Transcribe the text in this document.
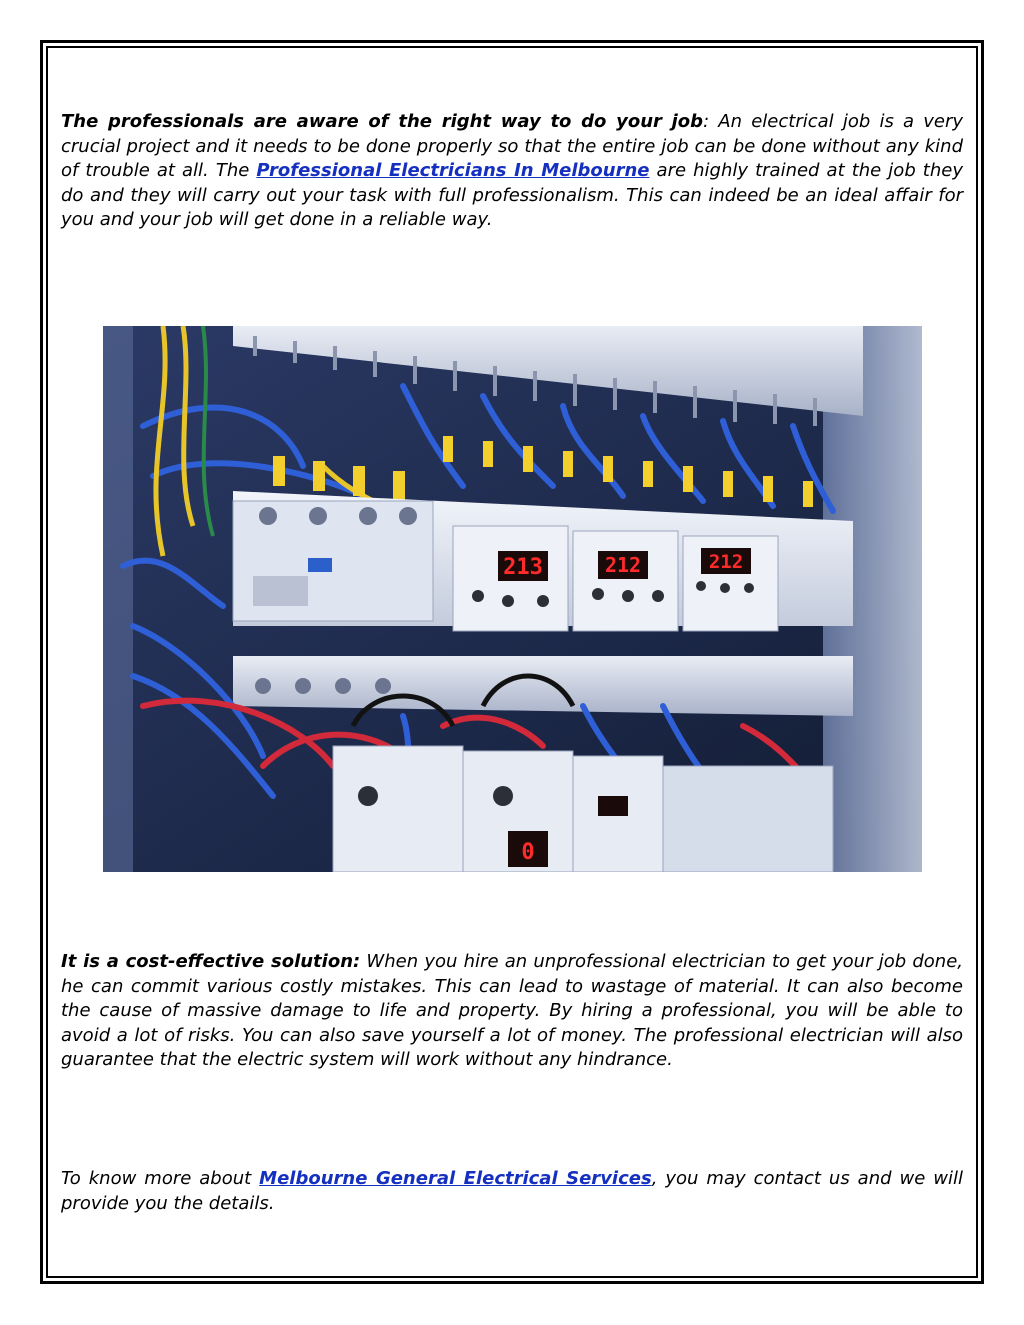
The professionals are aware of the right way to do your job: An electrical job is a very crucial project and it needs to be done properly so that the entire job can be done without any kind of trouble at all. The Professional Electricians In Melbourne are highly trained at the job they do and they will carry out your task with full professionalism. This can indeed be an ideal affair for you and your job will get done in a reliable way.

213	212	212
0

It is a cost-effective solution: When you hire an unprofessional electrician to get your job done, he can commit various costly mistakes. This can lead to wastage of material. It can also become the cause of massive damage to life and property. By hiring a professional, you will be able to avoid a lot of risks. You can also save yourself a lot of money. The professional electrician will also guarantee that the electric system will work without any hindrance.

To know more about Melbourne General Electrical Services, you may contact us and we will provide you the details.
